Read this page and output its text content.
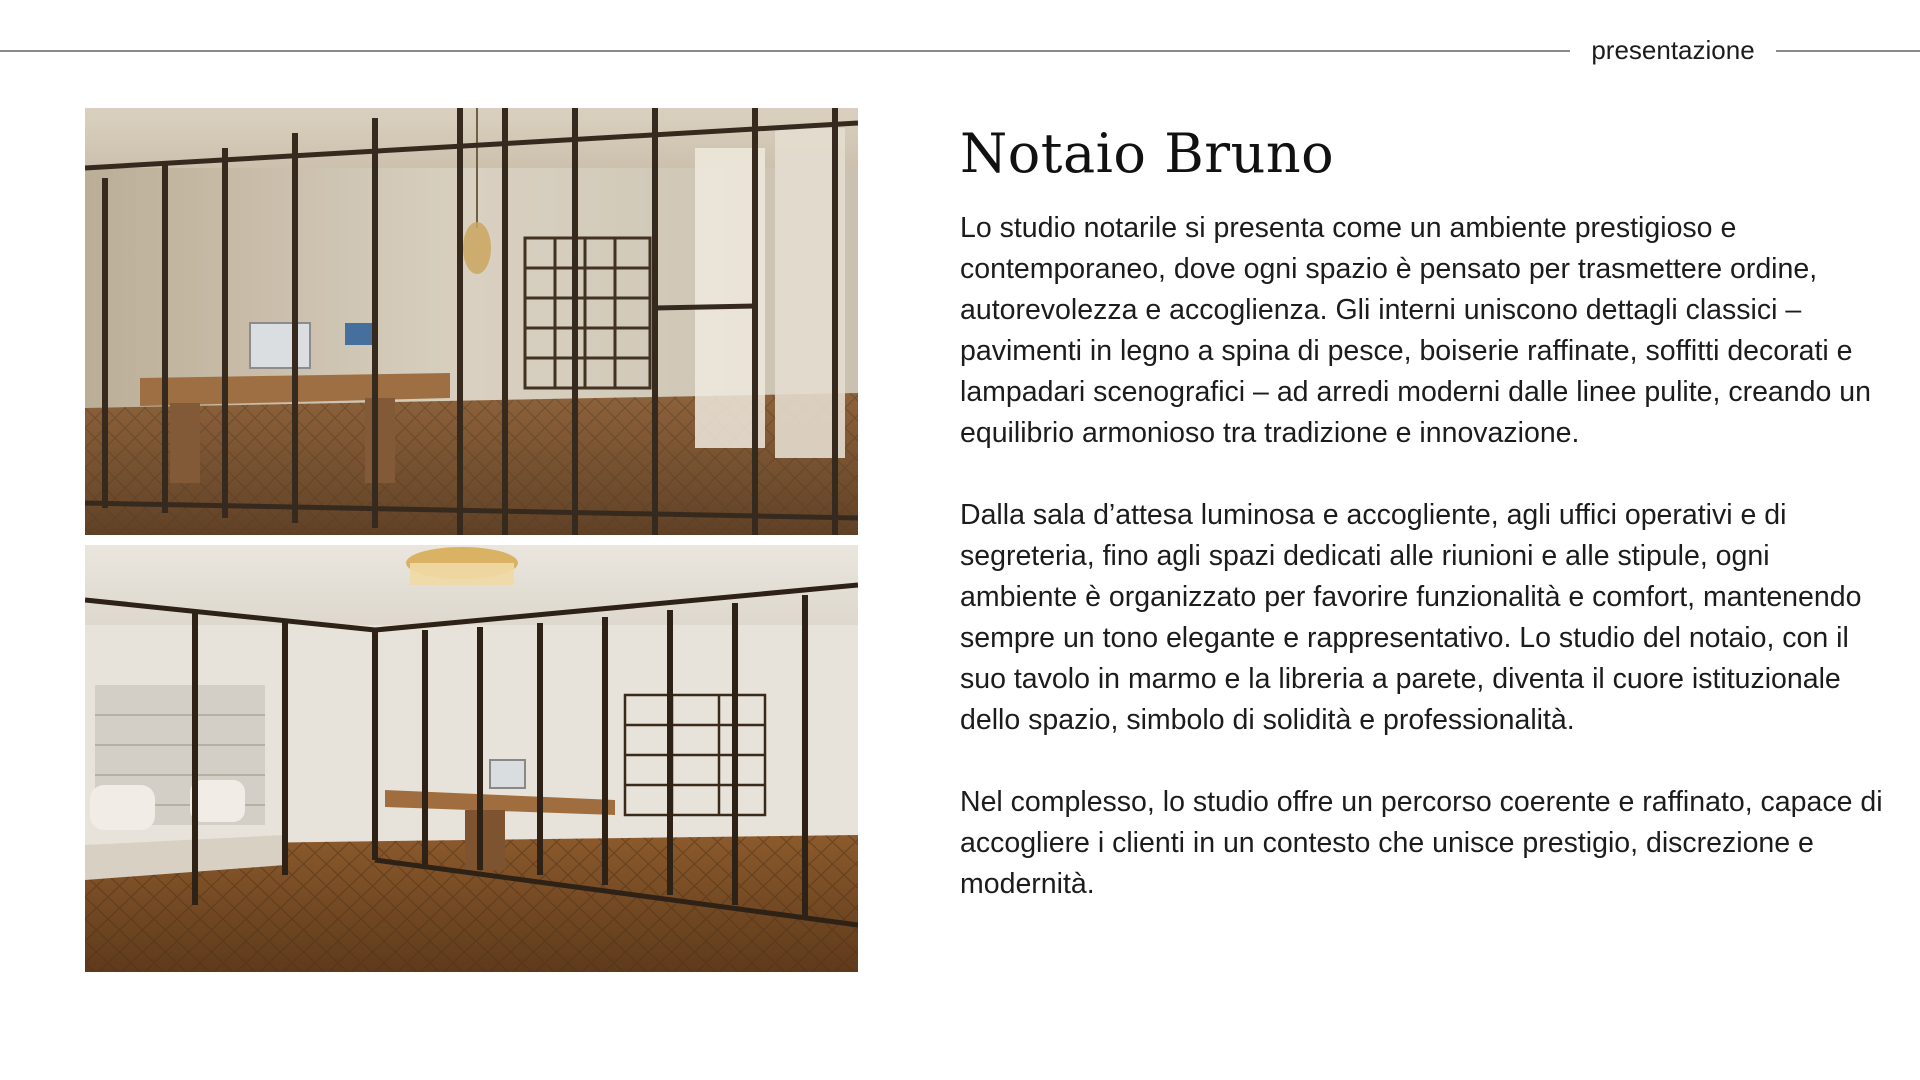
presentazione
Notaio Bruno

Lo studio notarile si presenta come un ambiente prestigioso e contemporaneo, dove ogni spazio è pensato per trasmettere ordine, autorevolezza e accoglienza. Gli interni uniscono dettagli classici – pavimenti in legno a spina di pesce, boiserie raffinate, soffitti decorati e lampadari scenografici – ad arredi moderni dalle linee pulite, creando un equilibrio armonioso tra tradizione e innovazione.

Dalla sala d’attesa luminosa e accogliente, agli uffici operativi e di segreteria, fino agli spazi dedicati alle riunioni e alle stipule, ogni ambiente è organizzato per favorire funzionalità e comfort, mantenendo sempre un tono elegante e rappresentativo. Lo studio del notaio, con il suo tavolo in marmo e la libreria a parete, diventa il cuore istituzionale dello spazio, simbolo di solidità e professionalità.

Nel complesso, lo studio offre un percorso coerente e raffinato, capace di accogliere i clienti in un contesto che unisce prestigio, discrezione e modernità.
